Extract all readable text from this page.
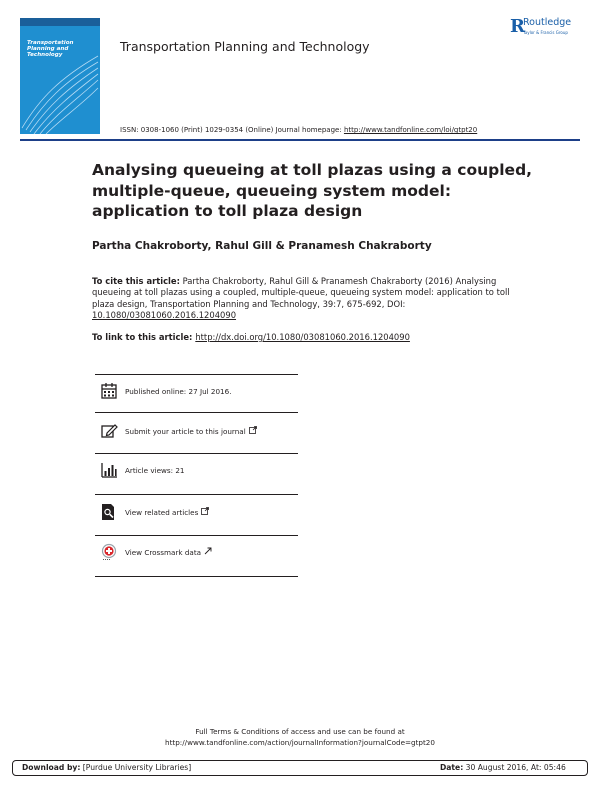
Transportation Planning and Technology
Transportation Planning and Technology
R
Routledge
Taylor & Francis Group
ISSN: 0308-1060 (Print) 1029-0354 (Online) Journal homepage: http://www.tandfonline.com/loi/gtpt20
Analysing queueing at toll plazas using a coupled, multiple-queue, queueing system model: application to toll plaza design
Partha Chakroborty, Rahul Gill & Pranamesh Chakraborty
To cite this article: Partha Chakroborty, Rahul Gill & Pranamesh Chakraborty (2016) Analysing queueing at toll plazas using a coupled, multiple-queue, queueing system model: application to toll plaza design, Transportation Planning and Technology, 39:7, 675-692, DOI: 10.1080/03081060.2016.1204090
To link to this article: http://dx.doi.org/10.1080/03081060.2016.1204090
Published online: 27 Jul 2016.
Submit your article to this journal
Article views: 21
View related articles
View Crossmark data
Full Terms & Conditions of access and use can be found at
http://www.tandfonline.com/action/journalInformation?journalCode=gtpt20
Download by: [Purdue University Libraries]	Date: 30 August 2016, At: 05:46
